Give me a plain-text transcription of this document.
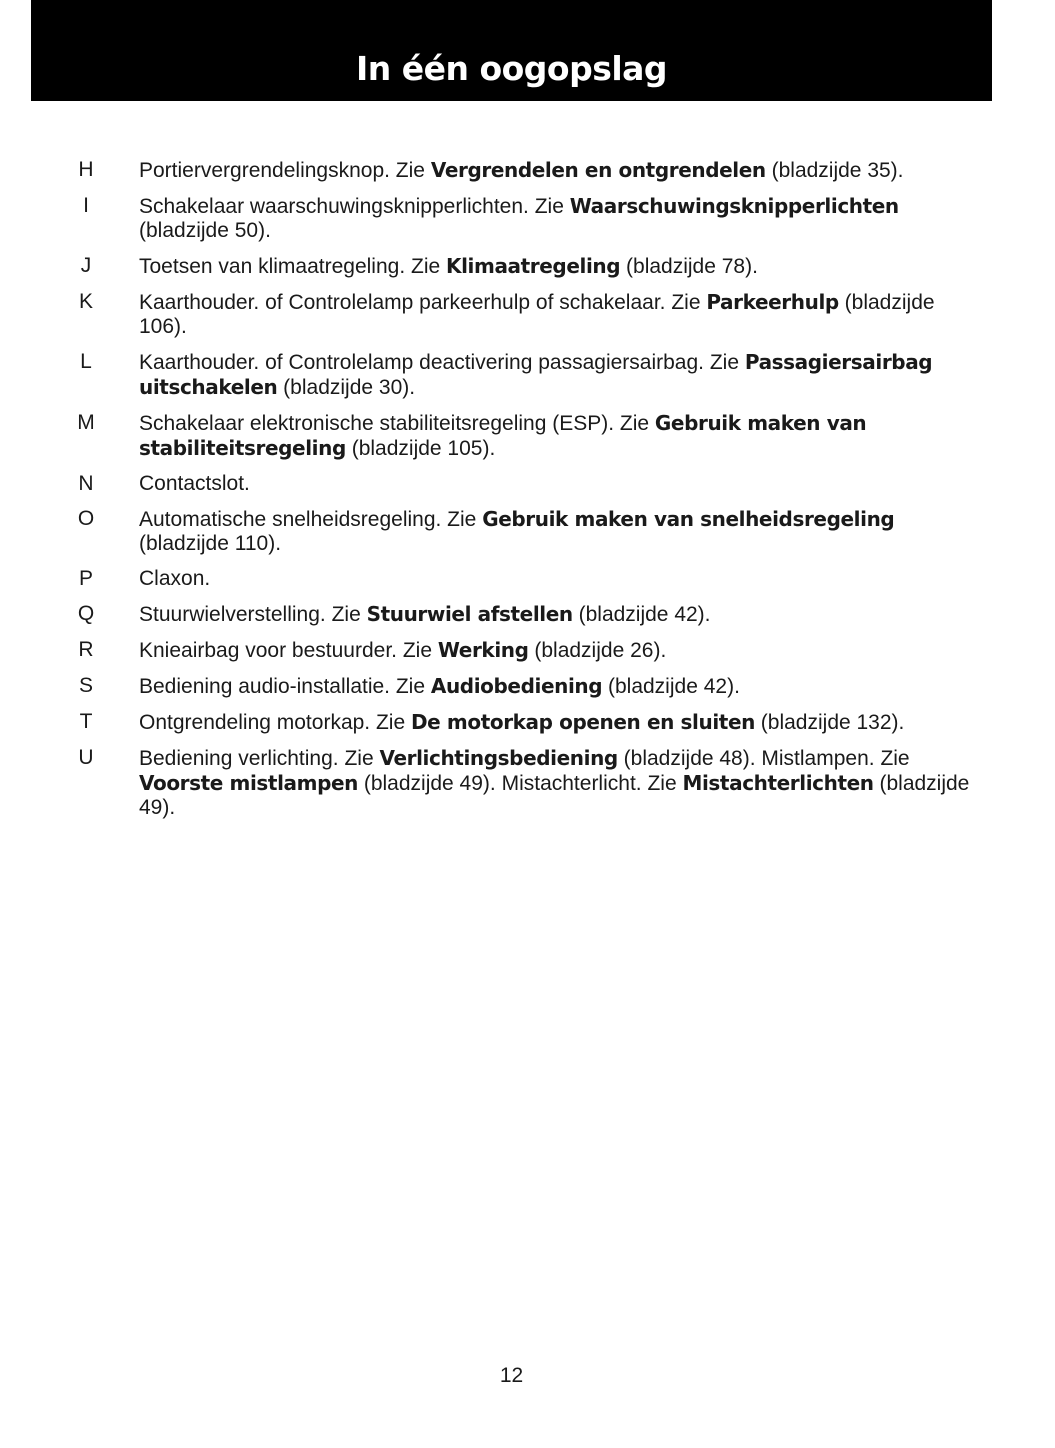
In één oogopslag
H	Portiervergrendelingsknop. Zie Vergrendelen en ontgrendelen (bladzijde 35).
I	Schakelaar waarschuwingsknipperlichten. Zie Waarschuwingsknipperlichten (bladzijde 50).
J	Toetsen van klimaatregeling. Zie Klimaatregeling (bladzijde 78).
K	Kaarthouder. of Controlelamp parkeerhulp of schakelaar. Zie Parkeerhulp (bladzijde 106).
L	Kaarthouder. of Controlelamp deactivering passagiersairbag. Zie Passagiersairbag uitschakelen (bladzijde 30).
M	Schakelaar elektronische stabiliteitsregeling (ESP). Zie Gebruik maken van stabiliteitsregeling (bladzijde 105).
N	Contactslot.
O	Automatische snelheidsregeling. Zie Gebruik maken van snelheidsregeling (bladzijde 110).
P	Claxon.
Q	Stuurwielverstelling. Zie Stuurwiel afstellen (bladzijde 42).
R	Knieairbag voor bestuurder. Zie Werking (bladzijde 26).
S	Bediening audio-installatie. Zie Audiobediening (bladzijde 42).
T	Ontgrendeling motorkap. Zie De motorkap openen en sluiten (bladzijde 132).
U	Bediening verlichting. Zie Verlichtingsbediening (bladzijde 48). Mistlampen. Zie Voorste mistlampen (bladzijde 49). Mistachterlicht. Zie Mistachterlichten (bladzijde 49).
12
